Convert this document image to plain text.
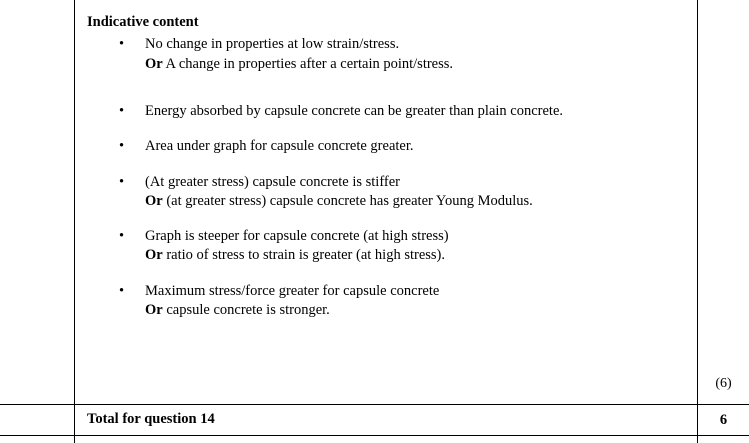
Indicative content

• No change in properties at low strain/stress.
Or A change in properties after a certain point/stress.
• Energy absorbed by capsule concrete can be greater than plain concrete.
• Area under graph for capsule concrete greater.
• (At greater stress) capsule concrete is stiffer
Or (at greater stress) capsule concrete has greater Young Modulus.
• Graph is steeper for capsule concrete (at high stress)
Or ratio of stress to strain is greater (at high stress).
• Maximum stress/force greater for capsule concrete
Or capsule concrete is stronger.
(6)
Total for question 14	6
